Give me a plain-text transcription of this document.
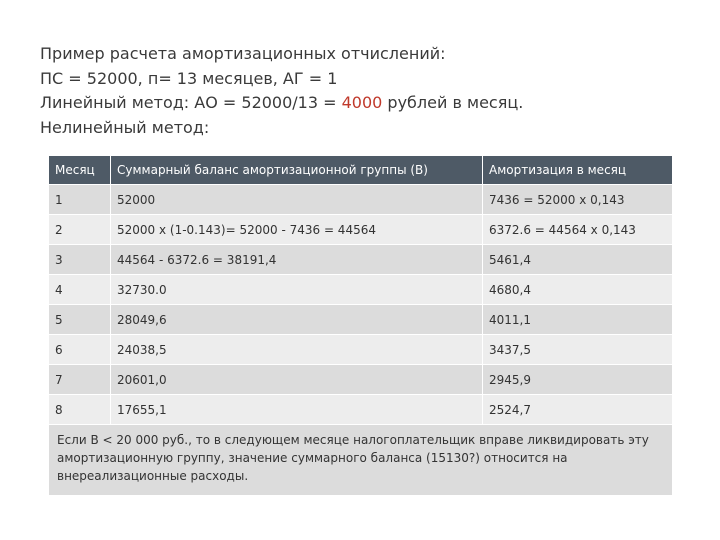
Пример расчета амортизационных отчислений:
ПС = 52000, п= 13 месяцев, АГ = 1
Линейный метод: АО = 52000/13 = 4000 рублей в месяц.
Нелинейный метод:
Месяц	Суммарный баланс амортизационной группы (В)	Амортизация в месяц
1	52000	7436 = 52000 х 0,143
2	52000 х (1-0.143)= 52000 - 7436 = 44564	6372.6 = 44564 х 0,143
3	44564 - 6372.6 = 38191,4	5461,4
4	32730.0	4680,4
5	28049,6	4011,1
6	24038,5	3437,5
7	20601,0	2945,9
8	17655,1	2524,7
Если В < 20 000 руб., то в следующем месяце налогоплательщик вправе ликвидировать эту амортизационную группу, значение суммарного баланса (15130?) относится на внереализационные расходы.		
